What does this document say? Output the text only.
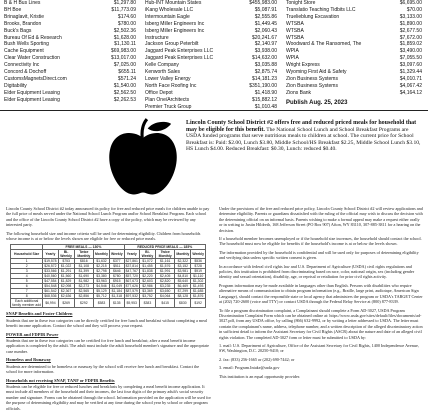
B & H Bus Lines	$1,297.80
BH Boe	$11,773.09
Brinaglavit, Kristie	$174.60
Brooks, Brandon	$780.00
Buck's Bags	$2,502.36
Bureau Of Ed & Research	$1,628.00
Bush Wells Sporting	$1,130.11
Cache Equipment	$69,983.00
Clear Water Construction	$13,017.00
Connectivity Inc	$7,025.00
Concord & Dochoff	$655.11
CustomsMagnetsDirect.com	$571.24
Digitability	$1,540.00
Elder Equipment Leasing	$2,562.50
Elder Equipment Leasing	$2,262.53
Hub-INT Mountain States	$455,983.00
iKang Wholesale LLC	$5,087.91
Intermountain Eagle	$2,555.86
Isberg Miller Engineers Inc	$1,449.45
Isberg Miller Engineers Inc	$2,060.43
Instructure	$20,241.67
Jackson Group Peterbilt	$2,140.97
Jaggard Peak Enterprises LLC	$3,938.00
Jaggard Peak Enterprises LLC	$14,632.00
Kelle Company	$3,035.88
Kenworth Sales	$2,875.74
Lower Valley Energy	$14,181.23
North Face Roofing Inc	$351,190.00
Office Depot	$1,418.90
Plan One/Architects	$15,882.12
Premier Truck Group	$1,010.48
Tonight Store	$6,695.00
Translatio Teaching Tidbits LLC	$70.00
Truelieblung Excavation	$3,133.00
WTSBA	$1,890.00
WTSBA	$2,677.50
WTSBA	$7,672.00
Woodward & The Ransomed, The	$1,859.02
WPIA	$3,490.00
WPIA	$7,055.50
Wright Express	$3,097.60
Wyoming First Aid & Safety	$1,329.44
Zion Business Systems	$4,010.71
Zion Business Systems	$4,067.42
Zions Bank	$4,164.12
Publish Aug. 25, 2023
Lincoln County School District #2 offers free and reduced priced meals for household that may be eligible for this benefit. The National School Lunch and School Breakfast Programs are USDA funded programs that serve nutritious meals to children at school. The current price for School Breakfast is: Paid: $2.00, Lunch $3.80, Middle School/HS Breakfast $2.25, Middle School Lunch $3.10, HS Lunch $4.00. Reduced Breakfast: $0.30, Lunch: reduced $0.40.

Lincoln County School District #2 today announced its policy for free and reduced price meals for children unable to pay the full price of meals served under the National School Lunch Program and/or School Breakfast Program. Each school and the office of the Lincoln County School District #2 have a copy of the policy, which may be reviewed by any interested party.

The following household size and income criteria will be used for determining eligibility. Children from households whose income is at or below the levels shown are eligible for free or reduced price meals.

	FREE MEALS — 130%					REDUCED PRICE MEALS — 185%				
Household Size	Yearly	Bi-Weekly	Twice Monthly	Monthly	Weekly	Yearly	Bi-Weekly	Twice Monthly	Monthly	Weekly
1	$19,578	$753	$816	$1,632	$377	$27,861	$1,072	$1,161	$2,322	$536
2	$26,572	$1,022	$1,108	$2,215	$511	$37,814	$1,455	$1,576	$3,152	$728
3	$33,566	$1,291	$1,399	$2,798	$646	$47,767	$1,838	$1,991	$3,981	$919
4	$40,560	$1,560	$1,690	$3,380	$780	$57,720	$2,220	$2,405	$4,810	$1,110
5	$47,554	$1,829	$1,982	$3,963	$915	$67,673	$2,603	$2,820	$5,640	$1,302
6	$54,548	$2,098	$2,273	$4,546	$1,049	$77,626	$2,986	$3,235	$6,469	$1,493
7	$61,542	$2,367	$2,565	$5,129	$1,184	$87,579	$3,369	$3,650	$7,299	$1,685
8	$68,536	$2,636	$2,856	$5,712	$1,318	$97,532	$3,752	$4,064	$8,128	$1,876
Each additional family member add	$6,994	$269	$292	$583	$135	$9,953	$383	$415	$830	$192
SNAP Benefits and Foster Children

Students that are in these two categories can be directly certified for free lunch and breakfast without completing a meal benefit income application. Contact the school and they will process your request.

POWER and FDPIR Power

Students that are in these two categories can be certified for free lunch and breakfast; after a meal benefit income application is completed by the adult. The adult must include the adult household member's signature and the appropriate case number.

Homeless and Runaway

Students are determined to be homeless or runaway by the school will receive free lunch and breakfast. Contact the school for more information.

Households not receiving SNAP, TANF or FDPIR Benefits

Students can be eligible for free or reduced lunches and breakfasts by completing a meal benefit income application. It must include all members of the household and their incomes, the last four digits of the primary adult's social security number and signature. Forms can be obtained through the school. Information provided on the application will be used for the purpose of determining eligibility and may be verified at any time during the school year by school or other program officials.

Under the provisions of the free and reduced price policy, Lincoln County School District #2 will review applications and determine eligibility. Parents or guardians dissatisfied with the ruling of the official may wish to discuss the decision with the determining official on an informal basis. Parents wishing to make a formal appeal may make a request either orally or in writing to Justin Hildreth, 168 Jefferson Street (PO Box 907) Afton, WY 83110, 307-885-3811 for a hearing on the decision.

If a household member becomes unemployed or if the household size increases, the household should contact the school. The household must now be eligible for benefits if the household's income is at or below the levels shown.

The information provided by the household is confidential and will be used only for purposes of determining eligibility and verifying data unless specific written consent is given.

In accordance with federal civil rights law and U.S. Department of Agriculture (USDA) civil rights regulations and policies, this institution is prohibited from discriminating based on race, color, national origin, sex (including gender identity and sexual orientation), disability, age, or reprisal or retaliation for prior civil rights activity.

Program information may be made available in languages other than English. Persons with disabilities who require alternative means of communication to obtain program information (e.g., Braille, large print, audiotape, American Sign Language), should contact the responsible state or local agency that administers the program or USDA's TARGET Center at (202) 720-2600 (voice and TTY) or contact USDA through the Federal Relay Service at (800) 877-8339.

To file a program discrimination complaint, a Complainant should complete a Form AD-3027, USDA Program Discrimination Complaint Form which can be obtained online at: https://www.usda.gov/sites/default/files/documents/ad-3027.pdf, from any USDA office, by calling (866) 632-9992, or by writing a letter addressed to USDA. The letter must contain the complainant's name, address, telephone number, and a written description of the alleged discriminatory action in sufficient detail to inform the Assistant Secretary for Civil Rights (ASCR) about the nature and date of an alleged civil rights violation. The completed AD-3027 form or letter must be submitted to USDA by:

1. mail: U.S. Department of Agriculture, Office of the Assistant Secretary for Civil Rights, 1400 Independence Avenue, SW, Washington, D.C. 20250-9410; or

2. fax: (833) 256-1665 or (202) 690-7442; or

3. email: Program.Intake@usda.gov

This institution is an equal opportunity provider.
